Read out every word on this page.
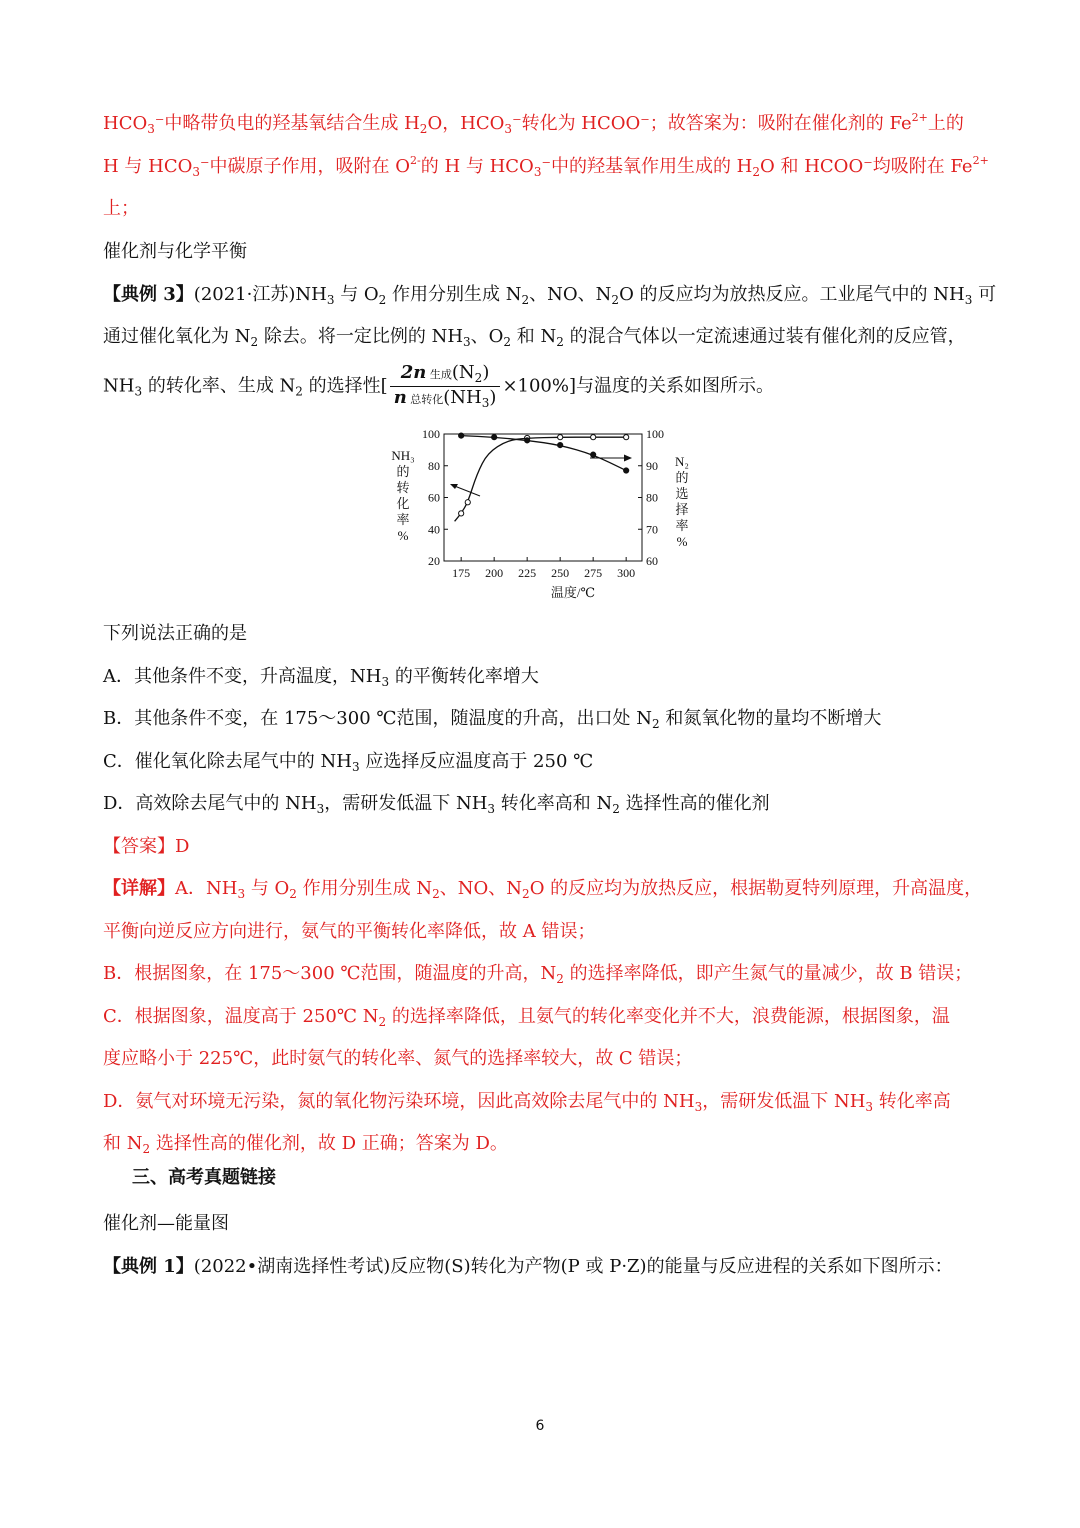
$HCO_3^-$中略带负电的羟基氧结合生成 $H_2O$，$HCO_3^-$转化为 HCOO⁻；故答案为：吸附在催化剂的 $Fe^{2+}$上的
H 与 $HCO_3^-$中碳原子作用，吸附在 $O^{2-}$的 H 与 $HCO_3^-$中的羟基氧作用生成的 $H_2O$ 和 HCOO⁻均吸附在 $Fe^{2+}$
上；
催化剂与化学平衡
【典例 3】(2021·江苏)$NH_3$ 与 $O_2$ 作用分别生成 $N_2$、NO、$N_2O$ 的反应均为放热反应。工业尾气中的 $NH_3$ 可
通过催化氧化为 $N_2$ 除去。将一定比例的 $NH_3$、$O_2$ 和 $N_2$ 的混合气体以一定流速通过装有催化剂的反应管，
$NH_3$ 的转化率、生成 $N_2$ 的选择性[ $\frac{2n 生成(N_2)}{n 总转化(NH_3)} \times 100\%$]与温度的关系如图所示。
20
40
60
80
100
60
70
80
90
100
175 200 225 250 275 300
温度/℃
NH₃
的
转
化
率
%
N₂
的
选
择
率
%
下列说法正确的是
A．其他条件不变，升高温度，$NH_3$ 的平衡转化率增大
B．其他条件不变，在 175～300 ℃范围，随温度的升高，出口处 $N_2$ 和氮氧化物的量均不断增大
C．催化氧化除去尾气中的 $NH_3$ 应选择反应温度高于 250 ℃
D．高效除去尾气中的 $NH_3$，需研发低温下 $NH_3$ 转化率高和 $N_2$ 选择性高的催化剂
【答案】D
【详解】A．$NH_3$ 与 $O_2$ 作用分别生成 $N_2$、NO、$N_2O$ 的反应均为放热反应，根据勒夏特列原理，升高温度，
平衡向逆反应方向进行，氨气的平衡转化率降低，故 A 错误；
B．根据图象，在 175～300 ℃范围，随温度的升高，$N_2$ 的选择率降低，即产生氮气的量减少，故 B 错误；
C．根据图象，温度高于 250℃ $N_2$ 的选择率降低，且氨气的转化率变化并不大，浪费能源，根据图象，温
度应略小于 225℃，此时氨气的转化率、氮气的选择率较大，故 C 错误；
D．氨气对环境无污染，氮的氧化物污染环境，因此高效除去尾气中的 $NH_3$，需研发低温下 $NH_3$ 转化率高
和 $N_2$ 选择性高的催化剂，故 D 正确；答案为 D。
三、高考真题链接
催化剂—能量图
【典例 1】(2022•湖南选择性考试)反应物(S)转化为产物(P 或 P·Z)的能量与反应进程的关系如下图所示：
6
